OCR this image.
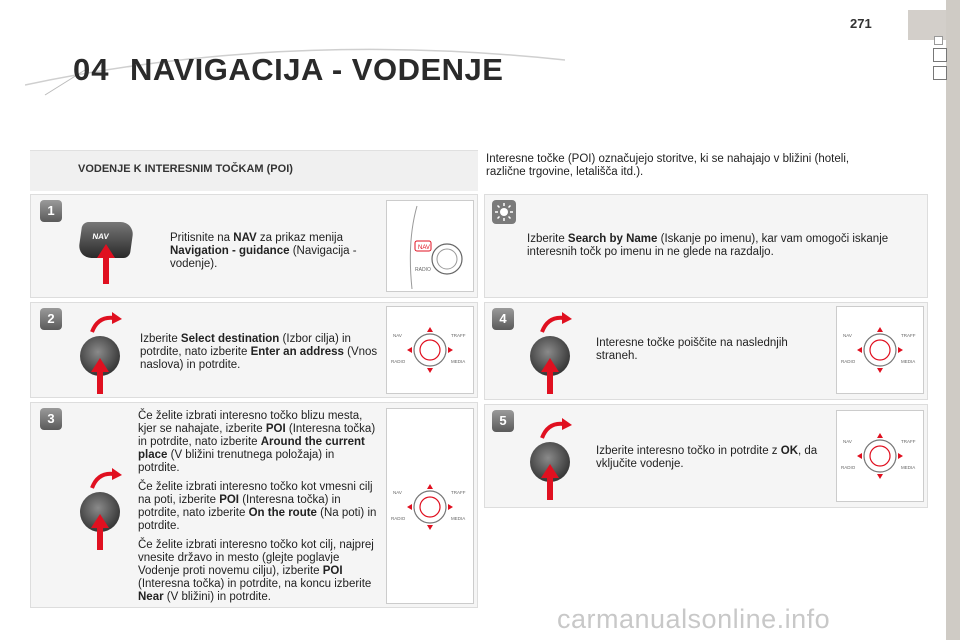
04 NAVIGACIJA - VODENJE
271
VODENJE K INTERESNIM TOČKAM (POI)
Interesne točke (POI) označujejo storitve, ki se nahajajo v bližini (hoteli, različne trgovine, letališča itd.).
1
NAV	Pritisnite na NAV za prikaz menija Navigation - guidance (Navigacija - vodenje).
NAV
RADIO
2
Izberite Select destination (Izbor cilja) in potrdite, nato izberite Enter an address (Vnos naslova) in potrdite.
NAV	TRAFF
RADIO	MEDIA
3	Če želite izbrati interesno točko blizu mesta, kjer se nahajate, izberite POI (Interesna točka) in potrdite, nato izberite Around the current place (V bližini trenutnega položaja) in potrdite.
Če želite izbrati interesno točko kot vmesni cilj na poti, izberite POI (Interesna točka) in potrdite, nato izberite On the route (Na poti) in potrdite.
Če želite izbrati interesno točko kot cilj, najprej vnesite državo in mesto (glejte poglavje Vodenje proti novemu cilju), izberite POI (Interesna točka) in potrdite, na koncu izberite Near (V bližini) in potrdite.
NAV	TRAFF
RADIO	MEDIA
Izberite Search by Name (Iskanje po imenu), kar vam omogoči iskanje interesnih točk po imenu in ne glede na razdaljo.
4
Interesne točke poiščite na naslednjih straneh.
NAV	TRAFF
RADIO	MEDIA
5
Izberite interesno točko in potrdite z OK, da vključite vodenje.
NAV	TRAFF
RADIO	MEDIA
carmanualsonline.info
